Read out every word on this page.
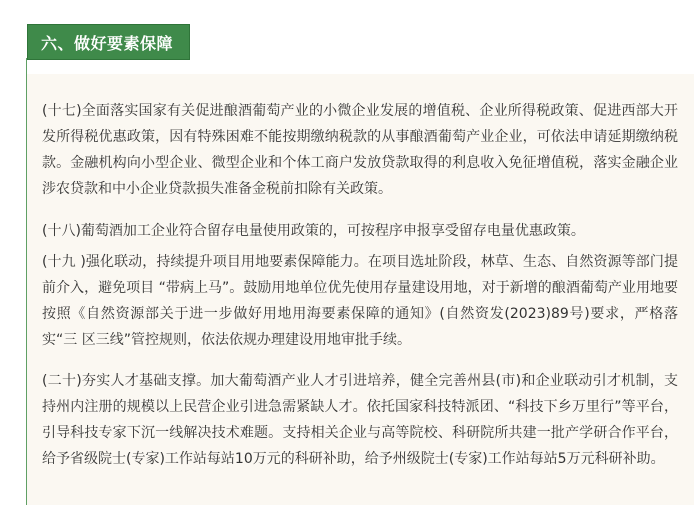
六、做好要素保障

(十七)全面落实国家有关促进酿酒葡萄产业的小微企业发展的增值税、企业所得税政策、促进西部大开发所得税优惠政策，因有特殊困难不能按期缴纳税款的从事酿酒葡萄产业企业，可依法申请延期缴纳税款。金融机构向小型企业、微型企业和个体工商户发放贷款取得的利息收入免征增值税，落实金融企业涉农贷款和中小企业贷款损失准备金税前扣除有关政策。

(十八)葡萄酒加工企业符合留存电量使用政策的，可按程序申报享受留存电量优惠政策。

(十九 )强化联动，持续提升项目用地要素保障能力。在项目选址阶段，林草、生态、自然资源等部门提前介入，避免项目 “带病上马”。鼓励用地单位优先使用存量建设用地，对于新增的酿酒葡萄产业用地要按照《自然资源部关于进一步做好用地用海要素保障的通知》(自然资发(2023)89号)要求，严格落实“三 区三线”管控规则，依法依规办理建设用地审批手续。

(二十)夯实人才基础支撑。加大葡萄酒产业人才引进培养，健全完善州县(市)和企业联动引才机制，支持州内注册的规模以上民营企业引进急需紧缺人才。依托国家科技特派团、“科技下乡万里行”等平台，引导科技专家下沉一线解决技术难题。支持相关企业与高等院校、科研院所共建一批产学研合作平台，给予省级院士(专家)工作站每站10万元的科研补助，给予州级院士(专家)工作站每站5万元科研补助。
